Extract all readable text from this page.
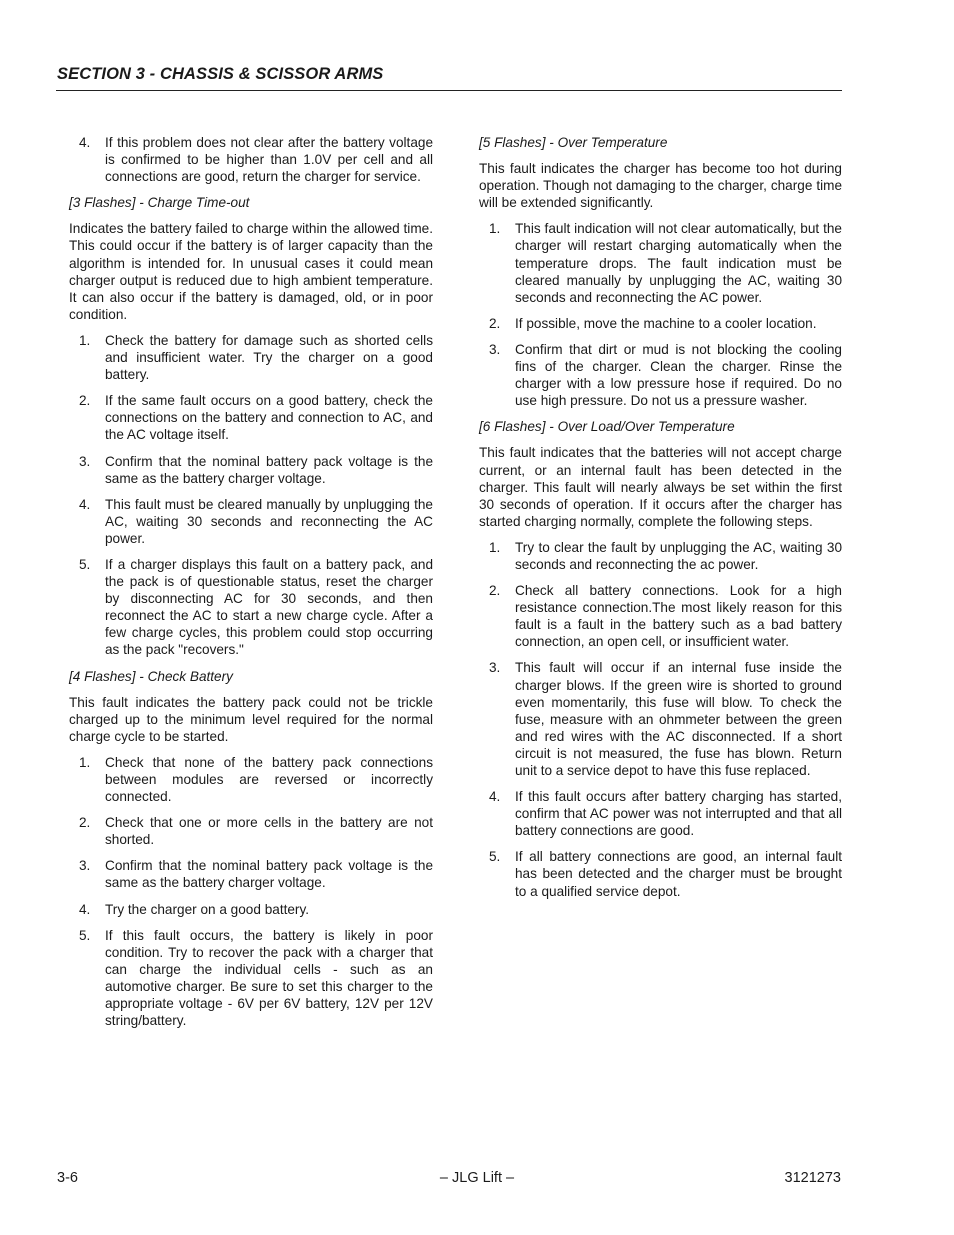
SECTION 3 - CHASSIS & SCISSOR ARMS
4. If this problem does not clear after the battery voltage is confirmed to be higher than 1.0V per cell and all connections are good, return the charger for service.
[3 Flashes] - Charge Time-out
Indicates the battery failed to charge within the allowed time. This could occur if the battery is of larger capacity than the algorithm is intended for. In unusual cases it could mean charger output is reduced due to high ambient temperature. It can also occur if the battery is damaged, old, or in poor condition.
1. Check the battery for damage such as shorted cells and insufficient water. Try the charger on a good battery.
2. If the same fault occurs on a good battery, check the connections on the battery and connection to AC, and the AC voltage itself.
3. Confirm that the nominal battery pack voltage is the same as the battery charger voltage.
4. This fault must be cleared manually by unplugging the AC, waiting 30 seconds and reconnecting the AC power.
5. If a charger displays this fault on a battery pack, and the pack is of questionable status, reset the charger by disconnecting AC for 30 seconds, and then reconnect the AC to start a new charge cycle. After a few charge cycles, this problem could stop occurring as the pack "recovers."
[4 Flashes] - Check Battery
This fault indicates the battery pack could not be trickle charged up to the minimum level required for the normal charge cycle to be started.
1. Check that none of the battery pack connections between modules are reversed or incorrectly connected.
2. Check that one or more cells in the battery are not shorted.
3. Confirm that the nominal battery pack voltage is the same as the battery charger voltage.
4. Try the charger on a good battery.
5. If this fault occurs, the battery is likely in poor condition. Try to recover the pack with a charger that can charge the individual cells - such as an automotive charger. Be sure to set this charger to the appropriate voltage - 6V per 6V battery, 12V per 12V string/battery.
[5 Flashes] - Over Temperature
This fault indicates the charger has become too hot during operation. Though not damaging to the charger, charge time will be extended significantly.
1. This fault indication will not clear automatically, but the charger will restart charging automatically when the temperature drops. The fault indication must be cleared manually by unplugging the AC, waiting 30 seconds and reconnecting the AC power.
2. If possible, move the machine to a cooler location.
3. Confirm that dirt or mud is not blocking the cooling fins of the charger. Clean the charger. Rinse the charger with a low pressure hose if required. Do no use high pressure. Do not us a pressure washer.
[6 Flashes] - Over Load/Over Temperature
This fault indicates that the batteries will not accept charge current, or an internal fault has been detected in the charger. This fault will nearly always be set within the first 30 seconds of operation. If it occurs after the charger has started charging normally, complete the following steps.
1. Try to clear the fault by unplugging the AC, waiting 30 seconds and reconnecting the ac power.
2. Check all battery connections. Look for a high resistance connection.The most likely reason for this fault is a fault in the battery such as a bad battery connection, an open cell, or insufficient water.
3. This fault will occur if an internal fuse inside the charger blows. If the green wire is shorted to ground even momentarily, this fuse will blow. To check the fuse, measure with an ohmmeter between the green and red wires with the AC disconnected. If a short circuit is not measured, the fuse has blown. Return unit to a service depot to have this fuse replaced.
4. If this fault occurs after battery charging has started, confirm that AC power was not interrupted and that all battery connections are good.
5. If all battery connections are good, an internal fault has been detected and the charger must be brought to a qualified service depot.
3-6	– JLG Lift –	3121273
